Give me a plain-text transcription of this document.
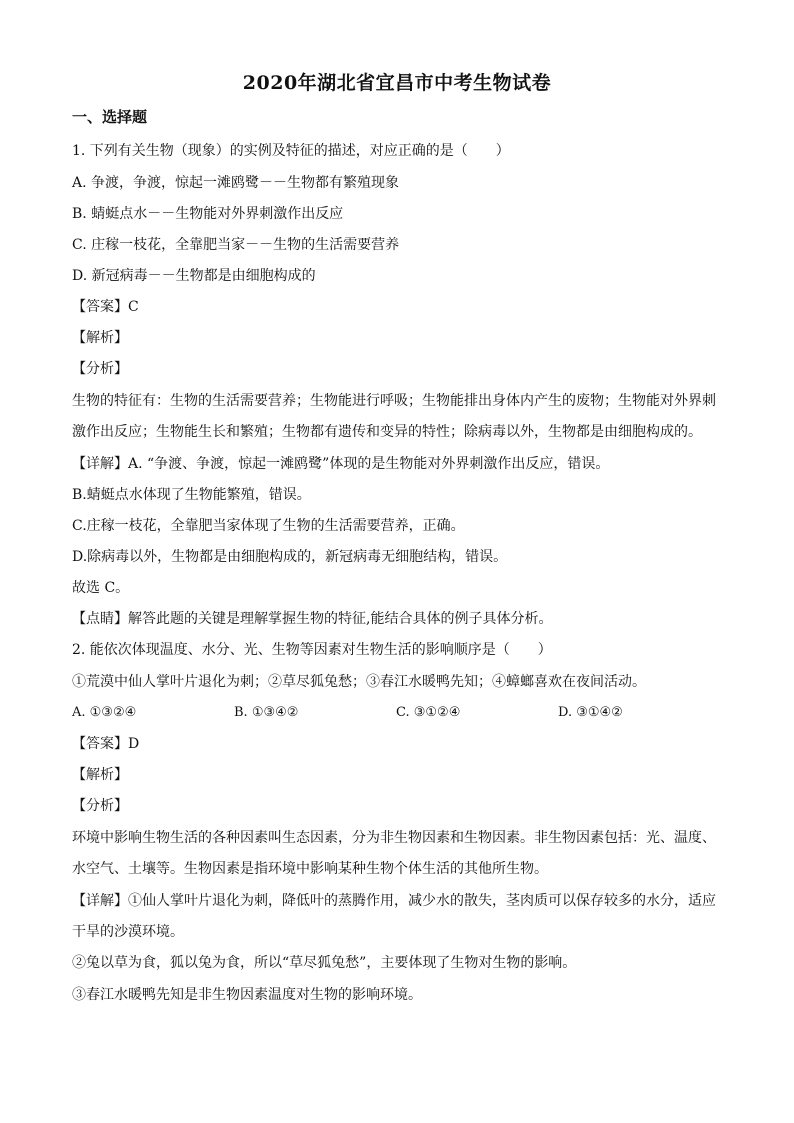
2020年湖北省宜昌市中考生物试卷
一、选择题
1. 下列有关生物（现象）的实例及特征的描述，对应正确的是（　　）
A. 争渡，争渡，惊起一滩鸥鹭－－生物都有繁殖现象
B. 蜻蜓点水－－生物能对外界刺激作出反应
C. 庄稼一枝花，全靠肥当家－－生物的生活需要营养
D. 新冠病毒－－生物都是由细胞构成的
【答案】C
【解析】
【分析】
生物的特征有：生物的生活需要营养；生物能进行呼吸；生物能排出身体内产生的废物；生物能对外界刺
激作出反应；生物能生长和繁殖；生物都有遗传和变异的特性；除病毒以外，生物都是由细胞构成的。
【详解】A. “争渡、争渡，惊起一滩鸥鹭”体现的是生物能对外界刺激作出反应，错误。
B.蜻蜓点水体现了生物能繁殖，错误。
C.庄稼一枝花，全靠肥当家体现了生物的生活需要营养，正确。
D.除病毒以外，生物都是由细胞构成的，新冠病毒无细胞结构，错误。
故选 C。
【点睛】解答此题的关键是理解掌握生物的特征,能结合具体的例子具体分析。
2. 能依次体现温度、水分、光、生物等因素对生物生活的影响顺序是（　　）
①荒漠中仙人掌叶片退化为刺；②草尽狐兔愁；③春江水暖鸭先知；④蟑螂喜欢在夜间活动。
A. ①③②④	B. ①③④②	C. ③①②④	D. ③①④②
【答案】D
【解析】
【分析】
环境中影响生物生活的各种因素叫生态因素，分为非生物因素和生物因素。非生物因素包括：光、温度、
水空气、土壤等。生物因素是指环境中影响某种生物个体生活的其他所生物。
【详解】①仙人掌叶片退化为刺，降低叶的蒸腾作用，减少水的散失，茎肉质可以保存较多的水分，适应
干旱的沙漠环境。
②兔以草为食，狐以兔为食，所以“草尽狐兔愁”，主要体现了生物对生物的影响。
③春江水暖鸭先知是非生物因素温度对生物的影响环境。
